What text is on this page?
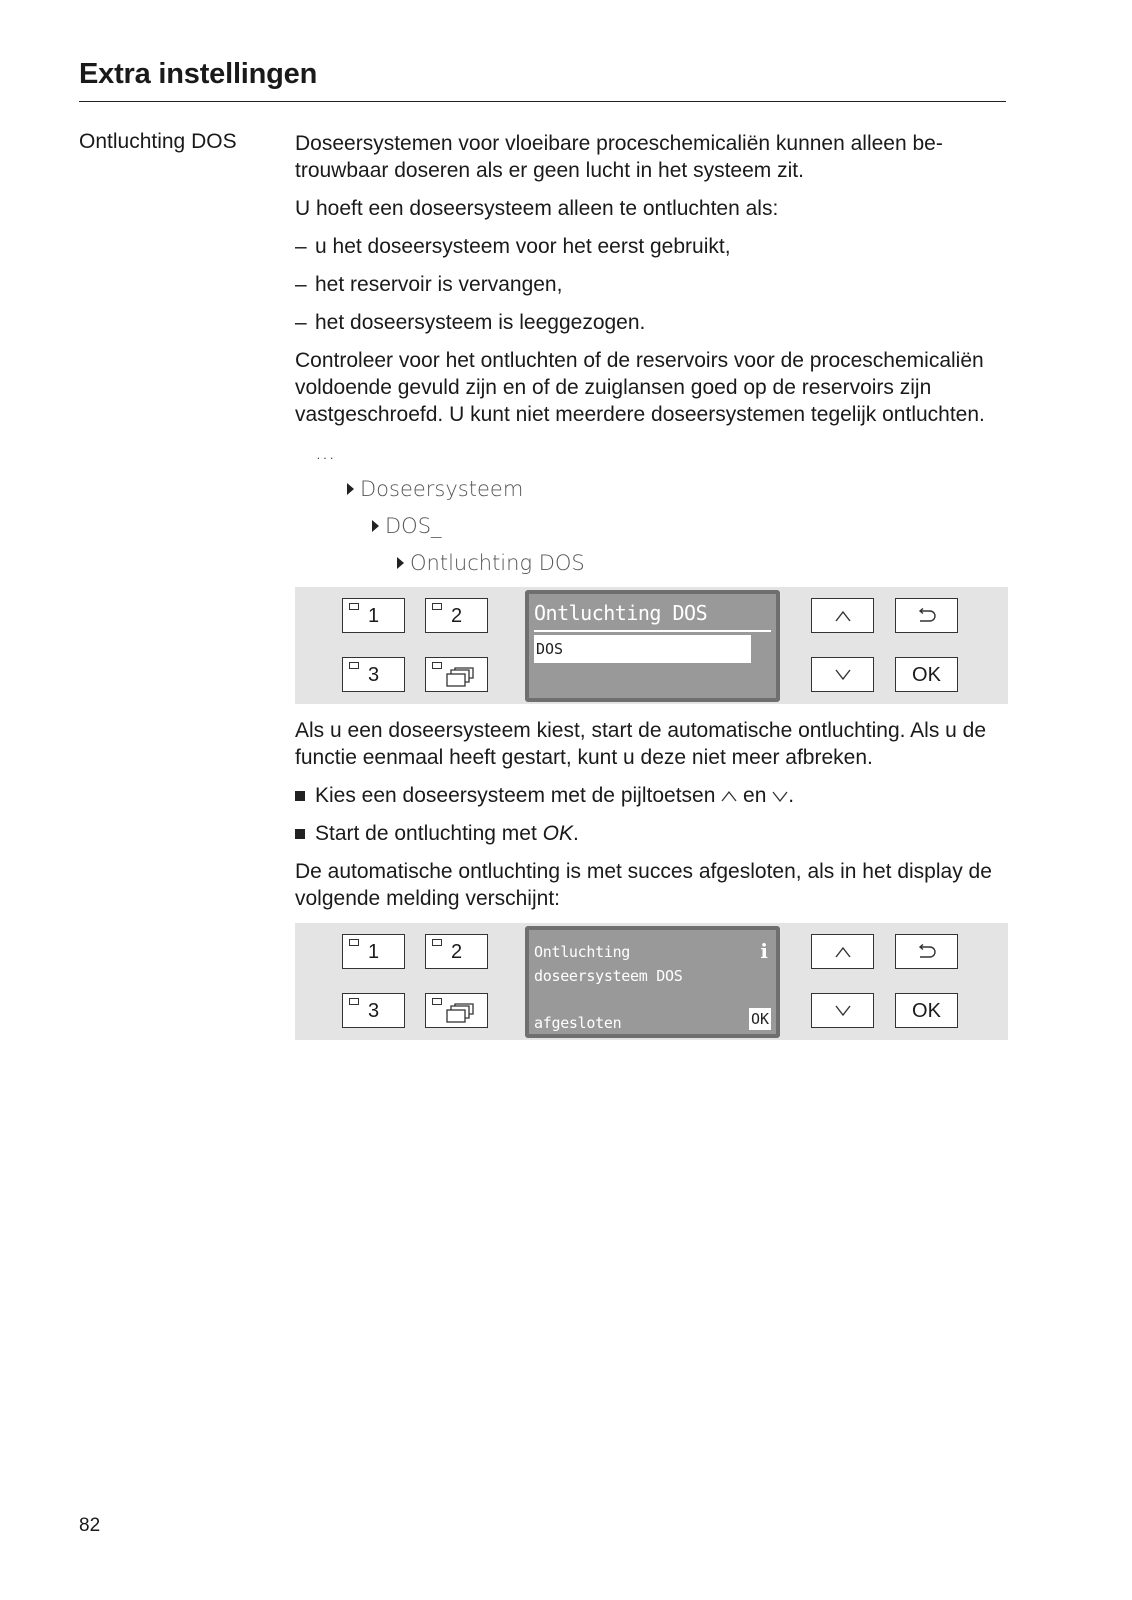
Extra instellingen
Ontluchting DOS	Doseersystemen voor vloeibare proceschemicaliën kunnen alleen betrouwbaar doseren als er geen lucht in het systeem zit.

U hoeft een doseersysteem alleen te ontluchten als:

– u het doseersysteem voor het eerst gebruikt,
– het reservoir is vervangen,
– het doseersysteem is leeggezogen.

Controleer voor het ontluchten of de reservoirs voor de proceschemicaliën voldoende gevuld zijn en of de zuiglansen goed op de reservoirs zijn vastgeschroefd. U kunt niet meerdere doseersystemen tegelijk ontluchten.

...
Doseersysteem
DOS_
Ontluchting DOS
1	2
3
Ontluchting DOS
DOS
OK

Als u een doseersysteem kiest, start de automatische ontluchting. Als u de functie eenmaal heeft gestart, kunt u deze niet meer afbreken.

Kies een doseersysteem met de pijltoetsen  en .
Start de ontluchting met OK.

De automatische ontluchting is met succes afgesloten, als in het display de volgende melding verschijnt:

1	2
3
Ontluchting	i
doseersysteem DOS
afgesloten	OK	OK
82
